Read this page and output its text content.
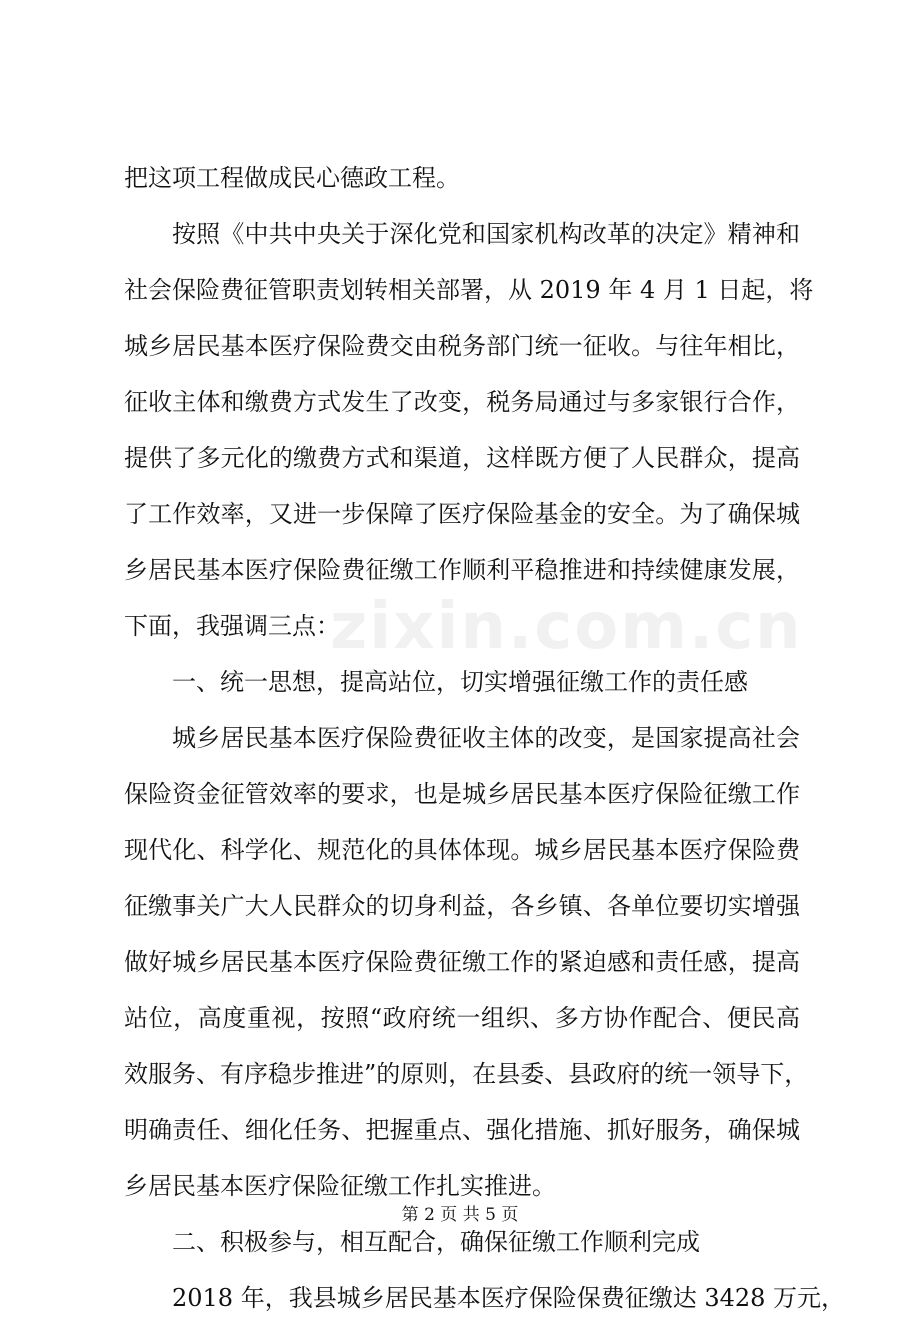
zixin.com.cn
把这项工程做成民心德政工程。
按照《中共中央关于深化党和国家机构改革的决定》精神和
社会保险费征管职责划转相关部署，从 2019 年 4 月 1 日起，将
城乡居民基本医疗保险费交由税务部门统一征收。与往年相比，
征收主体和缴费方式发生了改变，税务局通过与多家银行合作，
提供了多元化的缴费方式和渠道，这样既方便了人民群众，提高
了工作效率，又进一步保障了医疗保险基金的安全。为了确保城
乡居民基本医疗保险费征缴工作顺利平稳推进和持续健康发展，
下面，我强调三点：
一、统一思想，提高站位，切实增强征缴工作的责任感
城乡居民基本医疗保险费征收主体的改变，是国家提高社会
保险资金征管效率的要求，也是城乡居民基本医疗保险征缴工作
现代化、科学化、规范化的具体体现。城乡居民基本医疗保险费
征缴事关广大人民群众的切身利益，各乡镇、各单位要切实增强
做好城乡居民基本医疗保险费征缴工作的紧迫感和责任感，提高
站位，高度重视，按照“政府统一组织、多方协作配合、便民高
效服务、有序稳步推进”的原则，在县委、县政府的统一领导下，
明确责任、细化任务、把握重点、强化措施、抓好服务，确保城
乡居民基本医疗保险征缴工作扎实推进。
二、积极参与，相互配合，确保征缴工作顺利完成
2018 年，我县城乡居民基本医疗保险保费征缴达 3428 万元，
第 2 页 共 5 页
